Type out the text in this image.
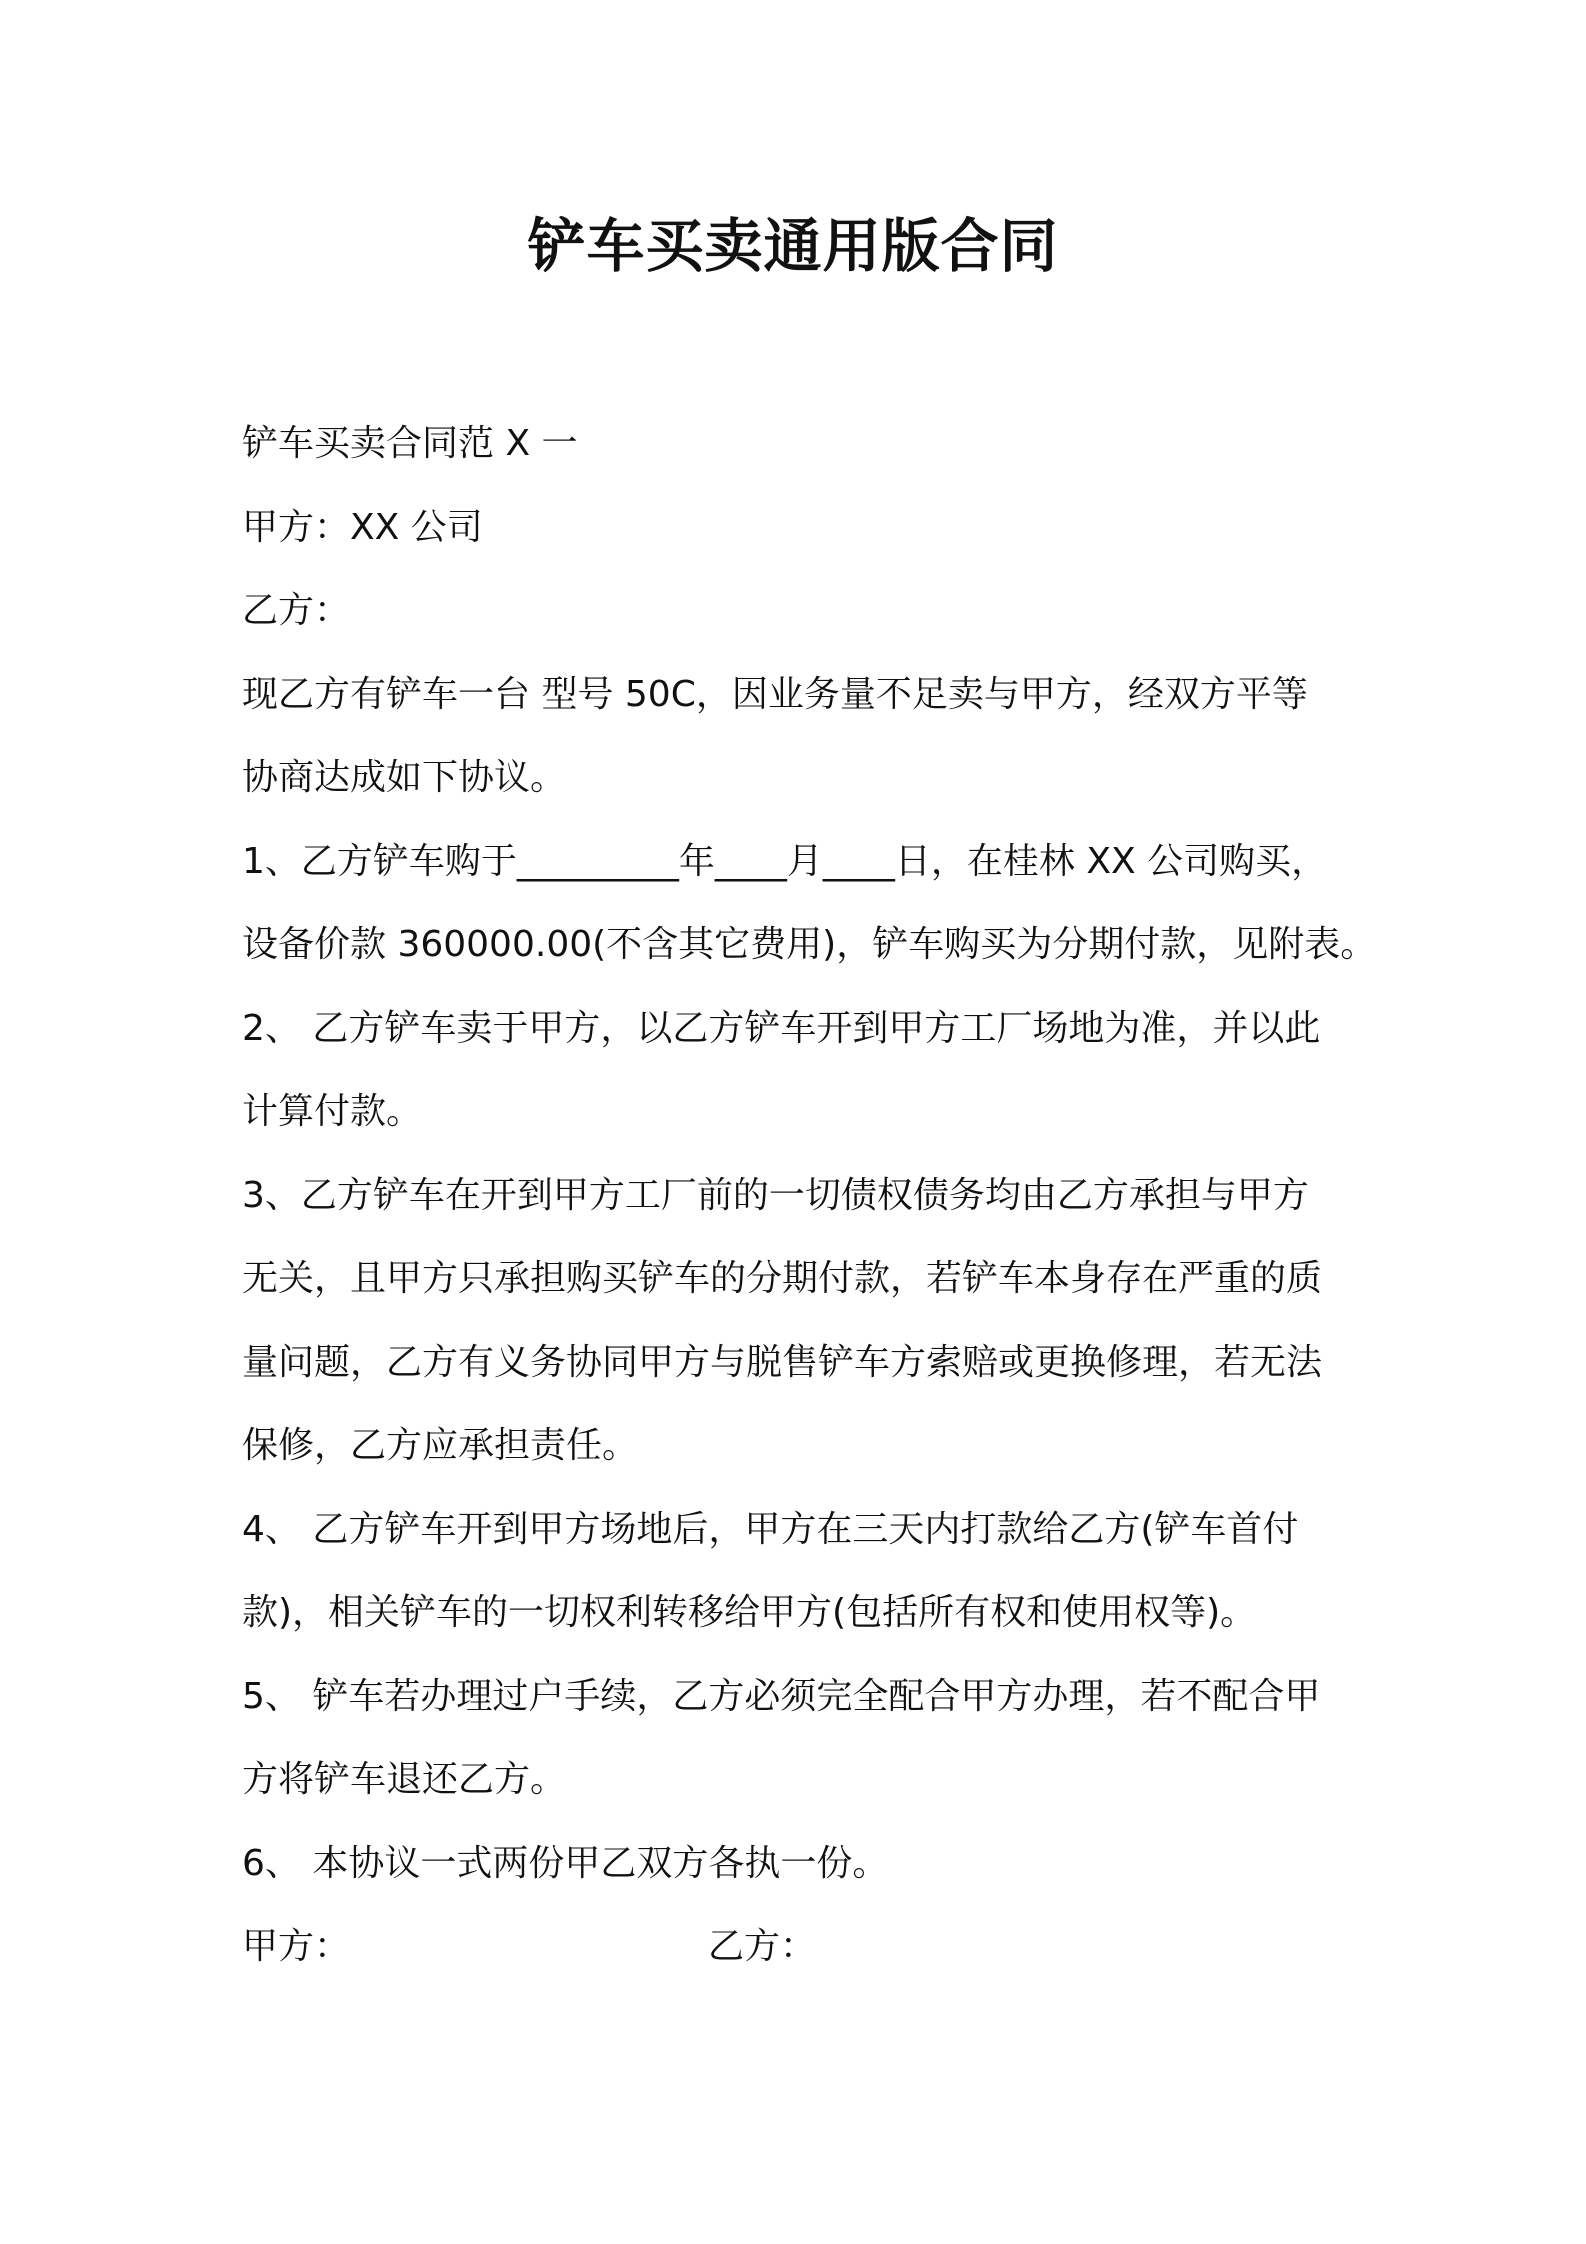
铲车买卖通用版合同
铲车买卖合同范 X 一
甲方：XX 公司
乙方：
现乙方有铲车一台 型号 50C，因业务量不足卖与甲方，经双方平等
协商达成如下协议。
1、乙方铲车购于_________年____月____日，在桂林 XX 公司购买，
设备价款 360000.00(不含其它费用)，铲车购买为分期付款，见附表。
2、 乙方铲车卖于甲方，以乙方铲车开到甲方工厂场地为准，并以此
计算付款。
3、乙方铲车在开到甲方工厂前的一切债权债务均由乙方承担与甲方
无关，且甲方只承担购买铲车的分期付款，若铲车本身存在严重的质
量问题，乙方有义务协同甲方与脱售铲车方索赔或更换修理，若无法
保修，乙方应承担责任。
4、 乙方铲车开到甲方场地后，甲方在三天内打款给乙方(铲车首付
款)，相关铲车的一切权利转移给甲方(包括所有权和使用权等)。
5、 铲车若办理过户手续，乙方必须完全配合甲方办理，若不配合甲
方将铲车退还乙方。
6、 本协议一式两份甲乙双方各执一份。
甲方：	乙方：
